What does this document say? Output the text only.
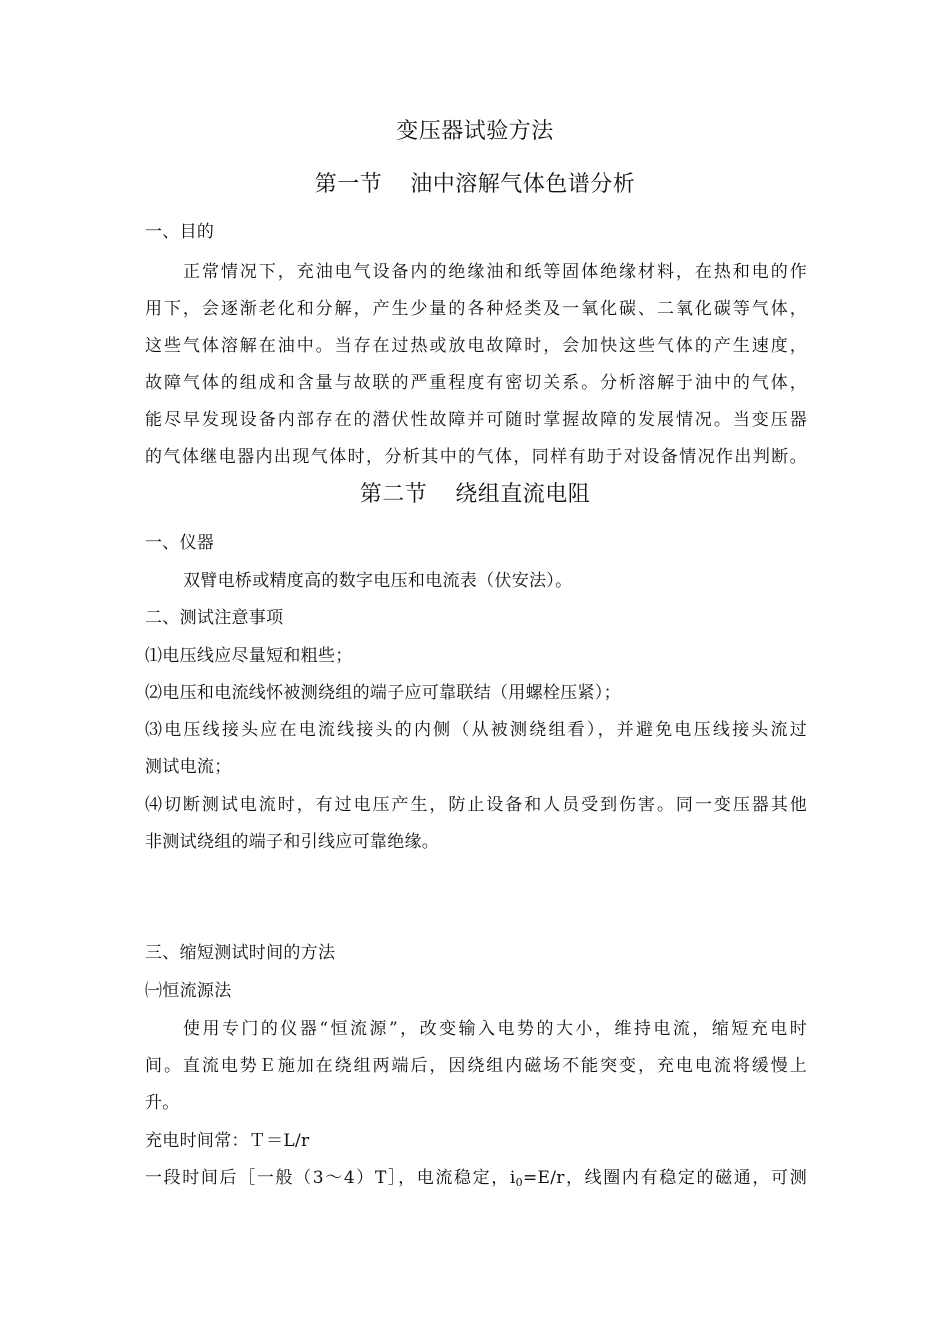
变压器试验方法
第一节 油中溶解气体色谱分析
一、目的
正常情况下，充油电气设备内的绝缘油和纸等固体绝缘材料，在热和电的作
用下，会逐渐老化和分解，产生少量的各种烃类及一氧化碳、二氧化碳等气体，
这些气体溶解在油中。当存在过热或放电故障时，会加快这些气体的产生速度，
故障气体的组成和含量与故联的严重程度有密切关系。分析溶解于油中的气体，
能尽早发现设备内部存在的潜伏性故障并可随时掌握故障的发展情况。当变压器
的气体继电器内出现气体时，分析其中的气体，同样有助于对设备情况作出判断。
第二节 绕组直流电阻
一、仪器
双臂电桥或精度高的数字电压和电流表（伏安法）。
二、测试注意事项
⑴电压线应尽量短和粗些；
⑵电压和电流线怀被测绕组的端子应可靠联结（用螺栓压紧）；
⑶电压线接头应在电流线接头的内侧（从被测绕组看），并避免电压线接头流过
测试电流；
⑷切断测试电流时，有过电压产生，防止设备和人员受到伤害。同一变压器其他
非测试绕组的端子和引线应可靠绝缘。
三、缩短测试时间的方法
㈠恒流源法
使用专门的仪器“恒流源”，改变输入电势的大小，维持电流，缩短充电时
间。直流电势Ｅ施加在绕组两端后，因绕组内磁场不能突变，充电电流将缓慢上
升。
充电时间常：Ｔ＝L/r
一段时间后［一般（3～4）T］，电流稳定，$i_0=E/r$，线圈内有稳定的磁通，可测
